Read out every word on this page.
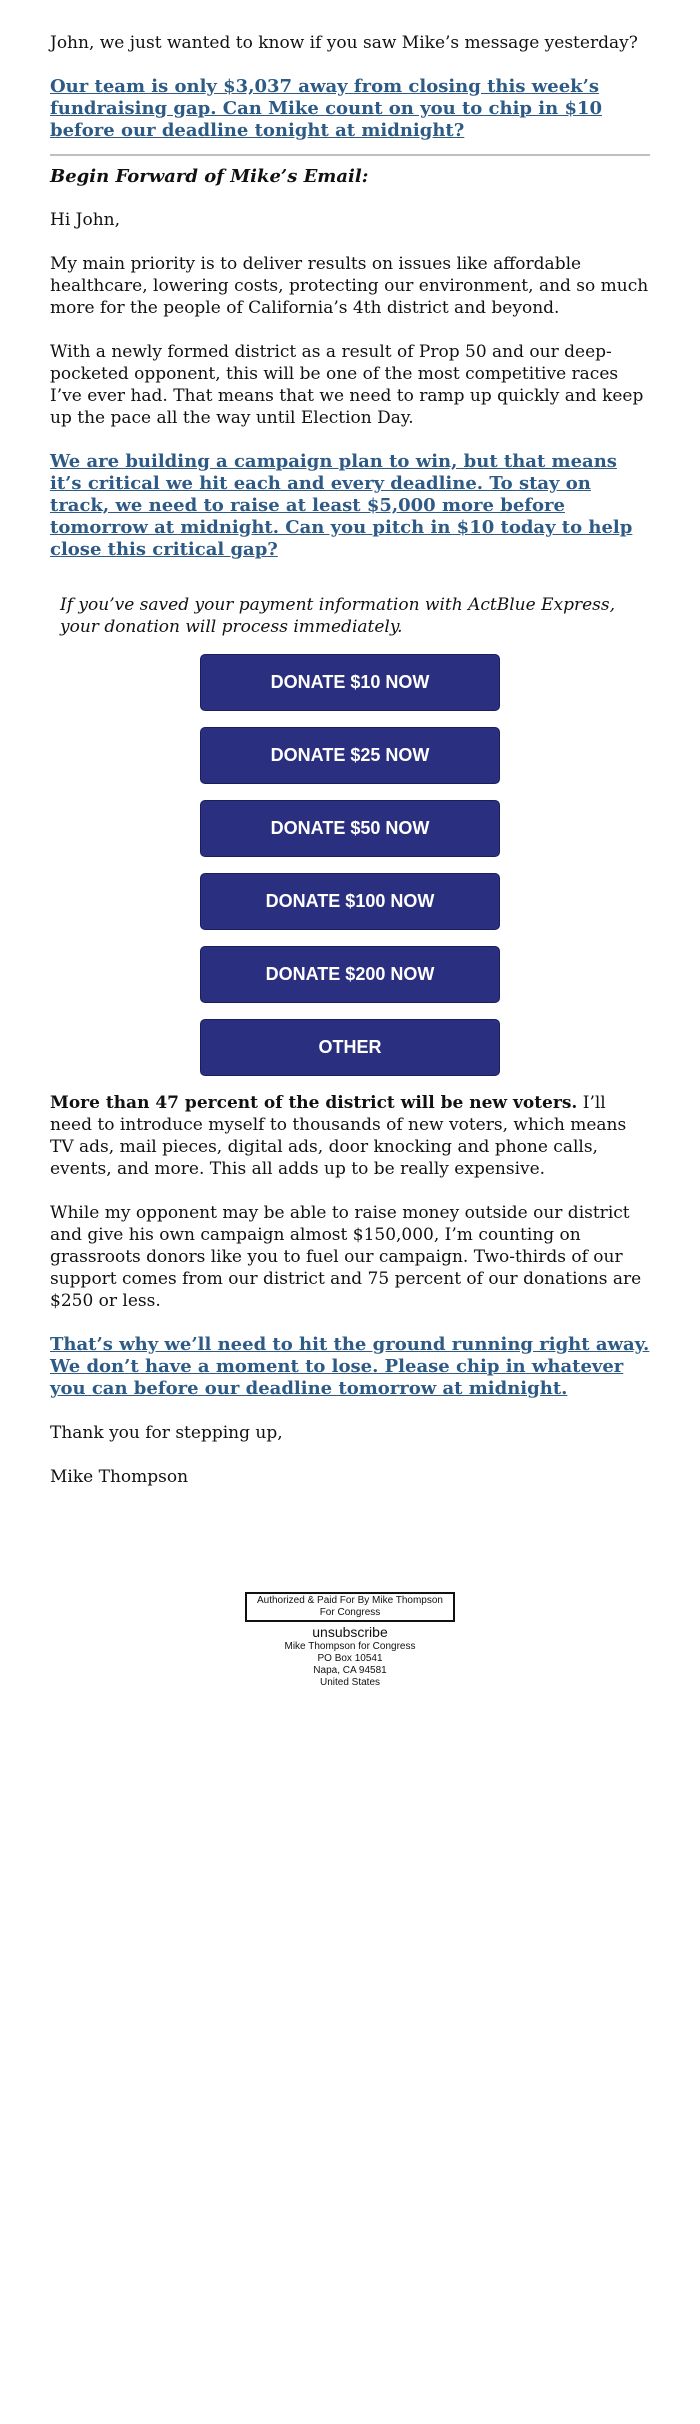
John, we just wanted to know if you saw Mike’s message yesterday?

Our team is only $3,037 away from closing this week’s fundraising gap. Can Mike count on you to chip in $10 before our deadline tonight at midnight?

Begin Forward of Mike’s Email:

Hi John,

My main priority is to deliver results on issues like affordable healthcare, lowering costs, protecting our environment, and so much more for the people of California’s 4th district and beyond.

With a newly formed district as a result of Prop 50 and our deep-pocketed opponent, this will be one of the most competitive races I’ve ever had. That means that we need to ramp up quickly and keep up the pace all the way until Election Day.

We are building a campaign plan to win, but that means it’s critical we hit each and every deadline. To stay on track, we need to raise at least $5,000 more before tomorrow at midnight. Can you pitch in $10 today to help close this critical gap?

If you’ve saved your payment information with ActBlue Express, your donation will process immediately.
DONATE $10 NOW
DONATE $25 NOW
DONATE $50 NOW
DONATE $100 NOW
DONATE $200 NOW
OTHER

More than 47 percent of the district will be new voters. I’ll need to introduce myself to thousands of new voters, which means TV ads, mail pieces, digital ads, door knocking and phone calls, events, and more. This all adds up to be really expensive.

While my opponent may be able to raise money outside our district and give his own campaign almost $150,000, I’m counting on grassroots donors like you to fuel our campaign. Two-thirds of our support comes from our district and 75 percent of our donations are $250 or less.

That’s why we’ll need to hit the ground running right away. We don’t have a moment to lose. Please chip in whatever you can before our deadline tomorrow at midnight.

Thank you for stepping up,

Mike Thompson

Authorized & Paid For By Mike Thompson For Congress
unsubscribe
Mike Thompson for Congress
PO Box 10541
Napa, CA 94581
United States
